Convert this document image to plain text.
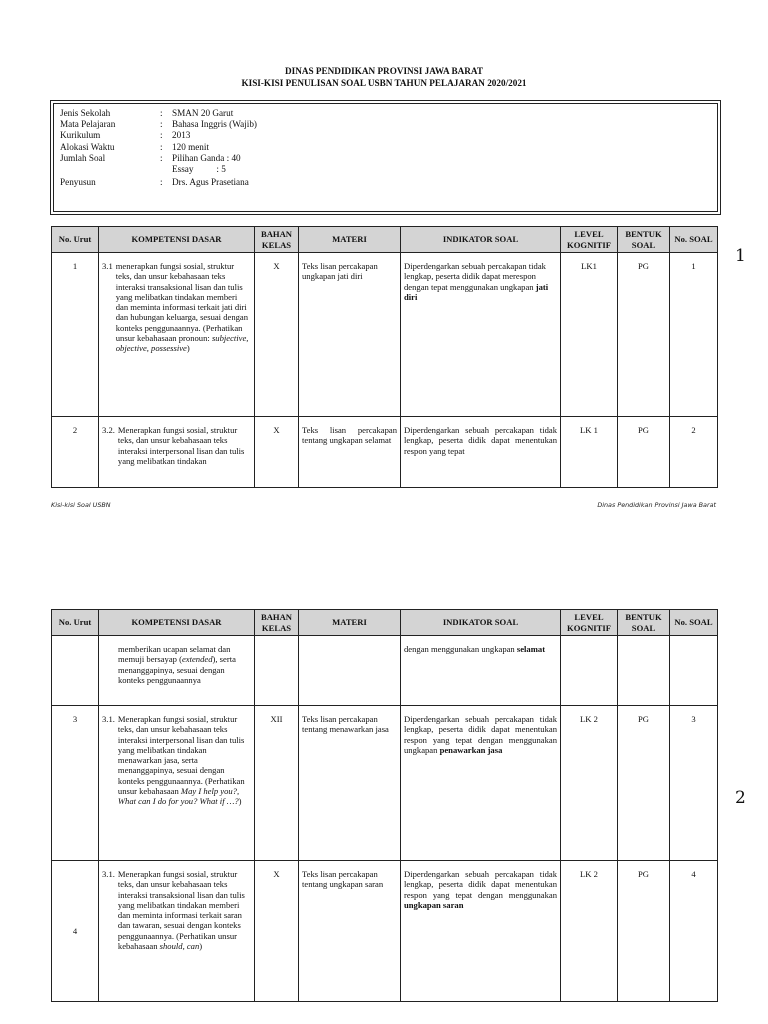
DINAS PENDIDIKAN PROVINSI JAWA BARAT
KISI-KISI PENULISAN SOAL USBN TAHUN PELAJARAN 2020/2021
Jenis Sekolah	:	SMAN 20 Garut
Mata Pelajaran	:	Bahasa Inggris (Wajib)
Kurikulum	:	2013
Alokasi Waktu	:	120 menit
Jumlah Soal	:	Pilihan Ganda : 40
Essay          : 5
Penyusun	:	Drs. Agus Prasetiana
No. Urut	KOMPETENSI DASAR	BAHAN KELAS	MATERI	INDIKATOR SOAL	LEVEL KOGNITIF	BENTUK SOAL	No. SOAL
1	3.1 menerapkan fungsi sosial, struktur teks, dan unsur kebahasaan teks interaksi transaksional lisan dan tulis yang melibatkan tindakan memberi dan meminta informasi terkait jati diri dan hubungan keluarga, sesuai dengan konteks penggunaannya. (Perhatikan unsur kebahasaan pronoun: subjective, objective, possessive)	X	Teks lisan percakapan ungkapan jati diri	Diperdengarkan sebuah percakapan tidak lengkap, peserta didik dapat merespon dengan tepat menggunakan ungkapan jati diri	LK1	PG	1
2	3.2. Menerapkan fungsi sosial, struktur teks, dan unsur kebahasaan teks interaksi interpersonal lisan dan tulis yang melibatkan tindakan	X	Teks lisan percakapan tentang ungkapan selamat	Diperdengarkan sebuah percakapan tidak lengkap, peserta didik dapat menentukan respon yang tepat	LK 1	PG	2
Kisi-kisi Soal USBN	Dinas Pendidikan Provinsi Jawa Barat
1
2
No. Urut	KOMPETENSI DASAR	BAHAN KELAS	MATERI	INDIKATOR SOAL	LEVEL KOGNITIF	BENTUK SOAL	No. SOAL

	memberikan ucapan selamat dan memuji bersayap (extended), serta menanggapinya, sesuai dengan konteks penggunaannya			dengan menggunakan ungkapan selamat			
3	3.1. Menerapkan fungsi sosial, struktur teks, dan unsur kebahasaan teks interaksi interpersonal lisan dan tulis yang melibatkan tindakan menawarkan jasa, serta menanggapinya, sesuai dengan konteks penggunaannya. (Perhatikan unsur kebahasaan May I help you?, What can I do for you? What if …?)	XII	Teks lisan percakapan tentang menawarkan jasa	Diperdengarkan sebuah percakapan tidak lengkap, peserta didik dapat menentukan respon yang tepat dengan menggunakan ungkapan penawarkan jasa	LK 2	PG	3
4	3.1. Menerapkan fungsi sosial, struktur teks, dan unsur kebahasaan teks interaksi transaksional lisan dan tulis yang melibatkan tindakan memberi dan meminta informasi terkait saran dan tawaran, sesuai dengan konteks penggunaannya. (Perhatikan unsur kebahasaan should, can)	X	Teks lisan percakapan tentang ungkapan saran	Diperdengarkan sebuah percakapan tidak lengkap, peserta didik dapat menentukan respon yang tepat dengan menggunakan ungkapan saran	LK 2	PG	4
